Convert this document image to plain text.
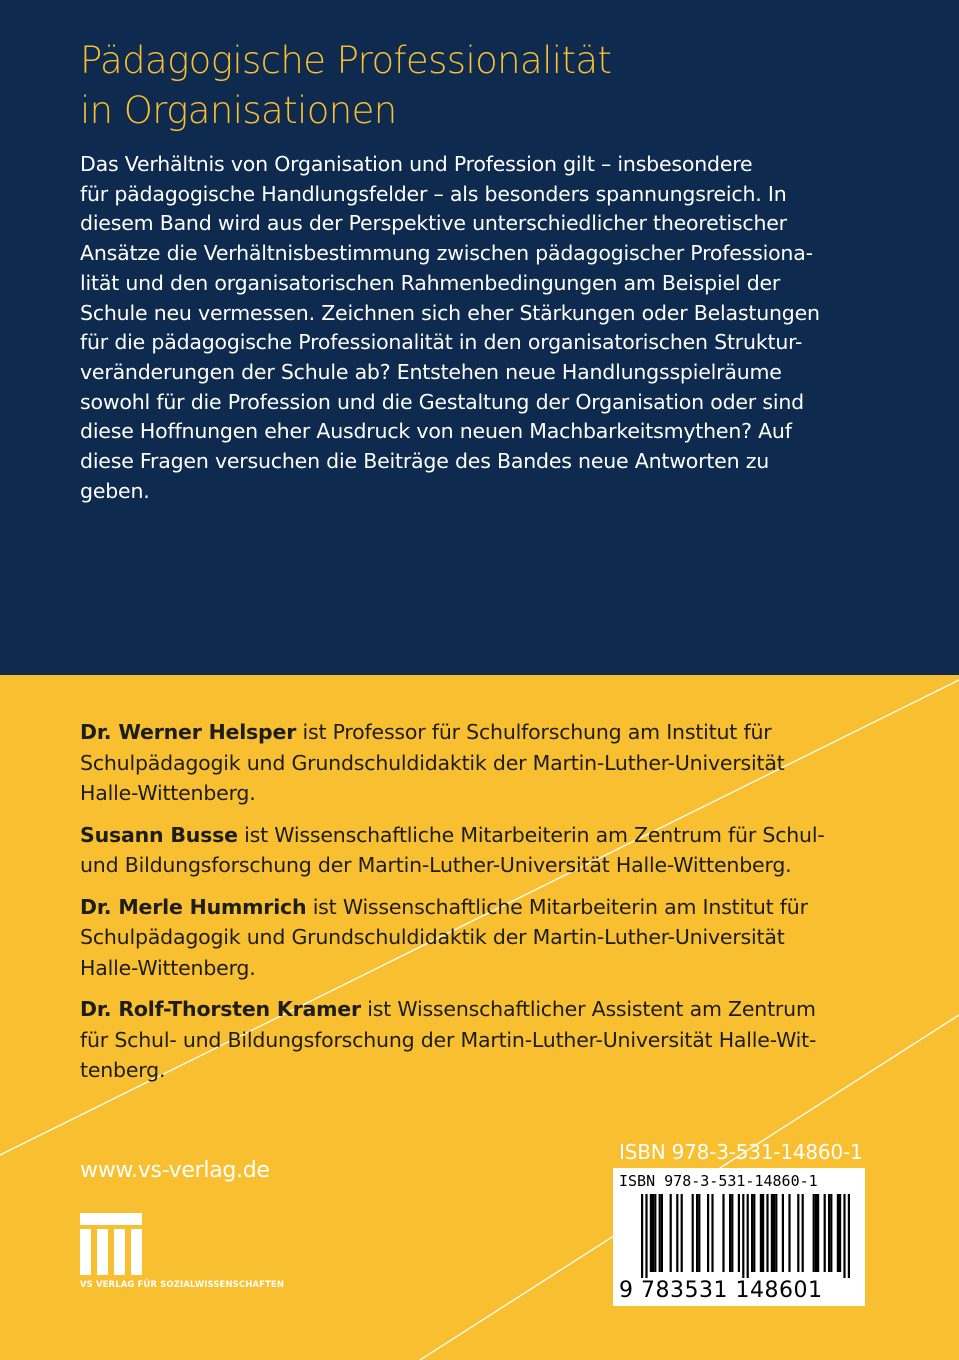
Pädagogische Professionalität
in Organisationen
Das Verhältnis von Organisation und Profession gilt – insbesondere
für pädagogische Handlungsfelder – als besonders spannungsreich. In
diesem Band wird aus der Perspektive unterschiedlicher theoretischer
Ansätze die Verhältnisbestimmung zwischen pädagogischer Professiona-
lität und den organisatorischen Rahmenbedingungen am Beispiel der
Schule neu vermessen. Zeichnen sich eher Stärkungen oder Belastungen
für die pädagogische Professionalität in den organisatorischen Struktur-
veränderungen der Schule ab? Entstehen neue Handlungsspielräume
sowohl für die Profession und die Gestaltung der Organisation oder sind
diese Hoffnungen eher Ausdruck von neuen Machbarkeitsmythen? Auf
diese Fragen versuchen die Beiträge des Bandes neue Antworten zu
geben.
Dr. Werner Helsper ist Professor für Schulforschung am Institut für
Schulpädagogik und Grundschuldidaktik der Martin-Luther-Universität
Halle-Wittenberg.
Susann Busse ist Wissenschaftliche Mitarbeiterin am Zentrum für Schul-
und Bildungsforschung der Martin-Luther-Universität Halle-Wittenberg.
Dr. Merle Hummrich ist Wissenschaftliche Mitarbeiterin am Institut für
Schulpädagogik und Grundschuldidaktik der Martin-Luther-Universität
Halle-Wittenberg.
Dr. Rolf-Thorsten Kramer ist Wissenschaftlicher Assistent am Zentrum
für Schul- und Bildungsforschung der Martin-Luther-Universität Halle-Wit-
tenberg.
www.vs-verlag.de
VS VERLAG FÜR SOZIALWISSENSCHAFTEN
ISBN 978-3-531-14860-1
ISBN 978-3-531-14860-1
9 783531 148601
